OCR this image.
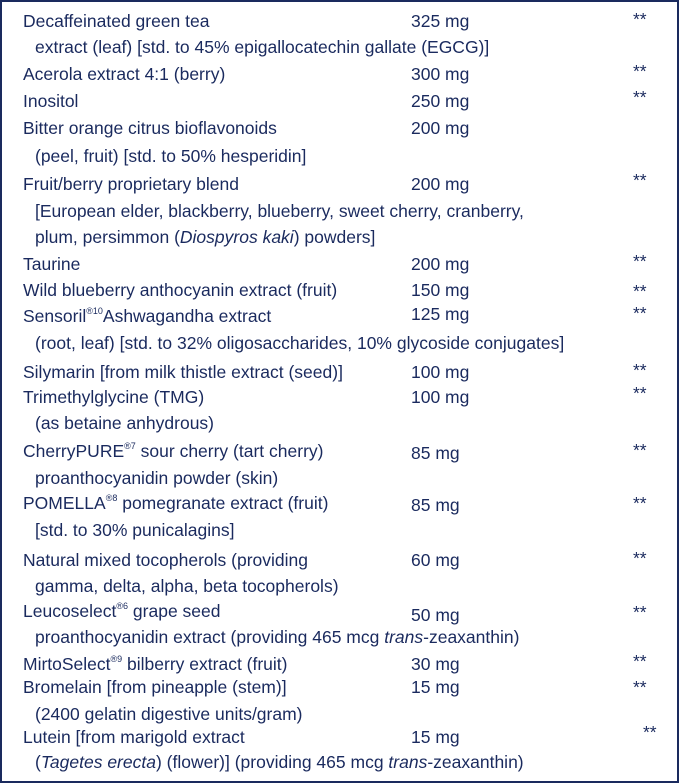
Decaffeinated green tea	325 mg	**
extract (leaf) [std. to 45% epigallocatechin gallate (EGCG)]
Acerola extract 4:1 (berry)	300 mg	**
Inositol	250 mg	**
Bitter orange citrus bioflavonoids	200 mg
(peel, fruit) [std. to 50% hesperidin]
Fruit/berry proprietary blend	200 mg	**
[European elder, blackberry, blueberry, sweet cherry, cranberry,
plum, persimmon (Diospyros kaki) powders]
Taurine	200 mg	**
Wild blueberry anthocyanin extract (fruit)	150 mg	**
Sensoril$^{®10}$Ashwagandha extract	125 mg	**
(root, leaf) [std. to 32% oligosaccharides, 10% glycoside conjugates]
Silymarin [from milk thistle extract (seed)]	100 mg	**
Trimethylglycine (TMG)	100 mg	**
(as betaine anhydrous)
CherryPURE$^{®7}$ sour cherry (tart cherry)	85 mg	**
proanthocyanidin powder (skin)
$POMELLA^{®8}$ pomegranate extract (fruit)	85 mg	**
[std. to 30% punicalagins]
Natural mixed tocopherols (providing	60 mg	**
gamma, delta, alpha, beta tocopherols)
Leucoselect$^{®6}$ grape seed	50 mg	**
proanthocyanidin extract (providing 465 mcg trans-zeaxanthin)
MirtoSelect$^{®9}$ bilberry extract (fruit)	30 mg	**
Bromelain [from pineapple (stem)]	15 mg	**
(2400 gelatin digestive units/gram)
Lutein [from marigold extract	15 mg	**
(Tagetes erecta) (flower)] (providing 465 mcg trans-zeaxanthin)
